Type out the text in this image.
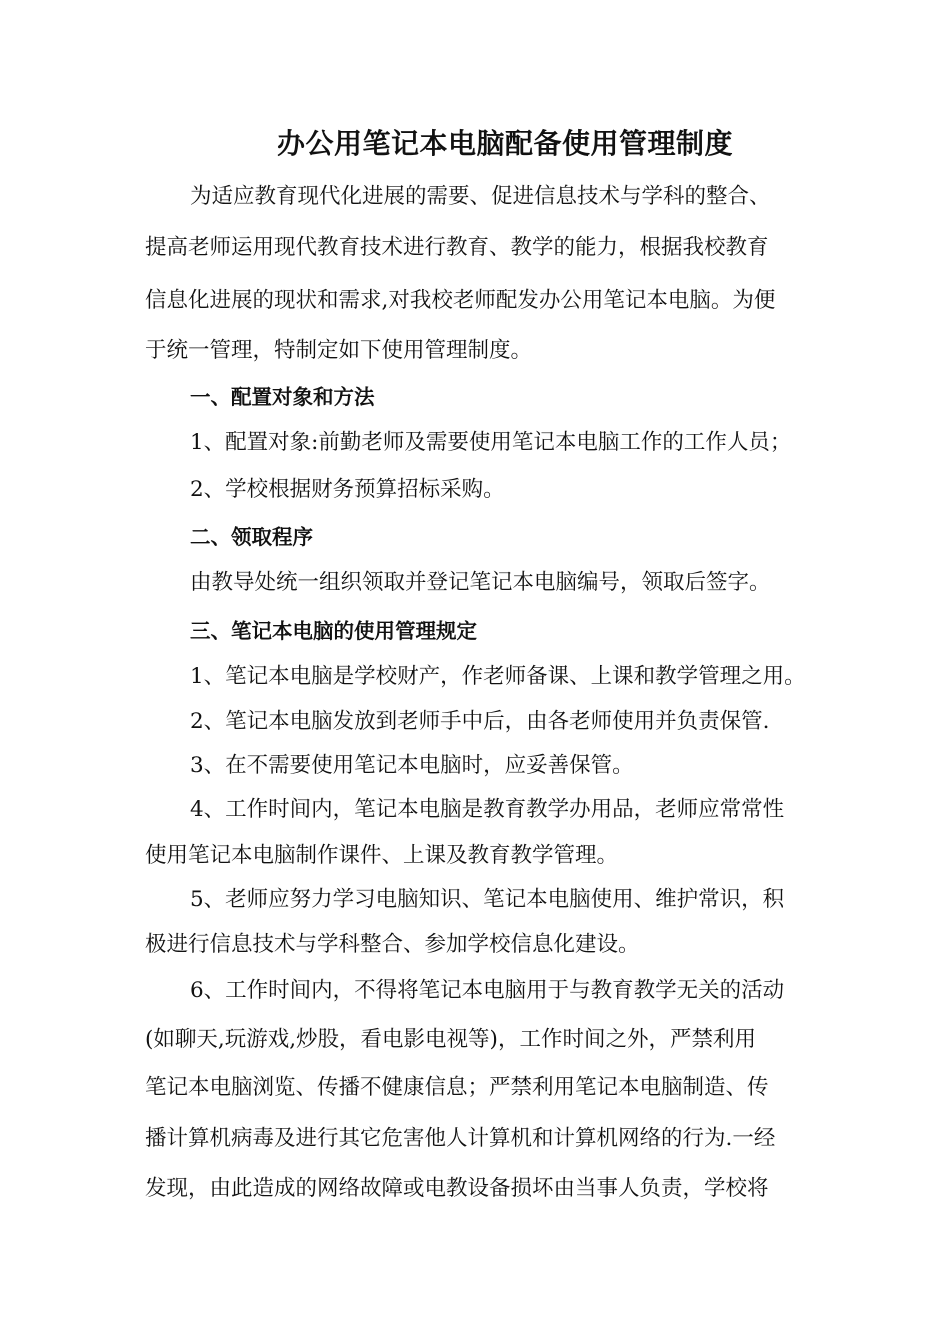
办公用笔记本电脑配备使用管理制度
为适应教育现代化进展的需要、促进信息技术与学科的整合、
提高老师运用现代教育技术进行教育、教学的能力，根据我校教育
信息化进展的现状和需求,对我校老师配发办公用笔记本电脑。为便
于统一管理，特制定如下使用管理制度。
一、配置对象和方法
1、配置对象:前勤老师及需要使用笔记本电脑工作的工作人员；
2、学校根据财务预算招标采购。
二、领取程序
由教导处统一组织领取并登记笔记本电脑编号，领取后签字。
三、笔记本电脑的使用管理规定
1、笔记本电脑是学校财产，作老师备课、上课和教学管理之用。
2、笔记本电脑发放到老师手中后，由各老师使用并负责保管.
3、在不需要使用笔记本电脑时，应妥善保管。
4、工作时间内，笔记本电脑是教育教学办用品，老师应常常性
使用笔记本电脑制作课件、上课及教育教学管理。
5、老师应努力学习电脑知识、笔记本电脑使用、维护常识，积
极进行信息技术与学科整合、参加学校信息化建设。
6、工作时间内，不得将笔记本电脑用于与教育教学无关的活动
(如聊天,玩游戏,炒股，看电影电视等)，工作时间之外，严禁利用
笔记本电脑浏览、传播不健康信息；严禁利用笔记本电脑制造、传
播计算机病毒及进行其它危害他人计算机和计算机网络的行为.一经
发现，由此造成的网络故障或电教设备损坏由当事人负责，学校将
